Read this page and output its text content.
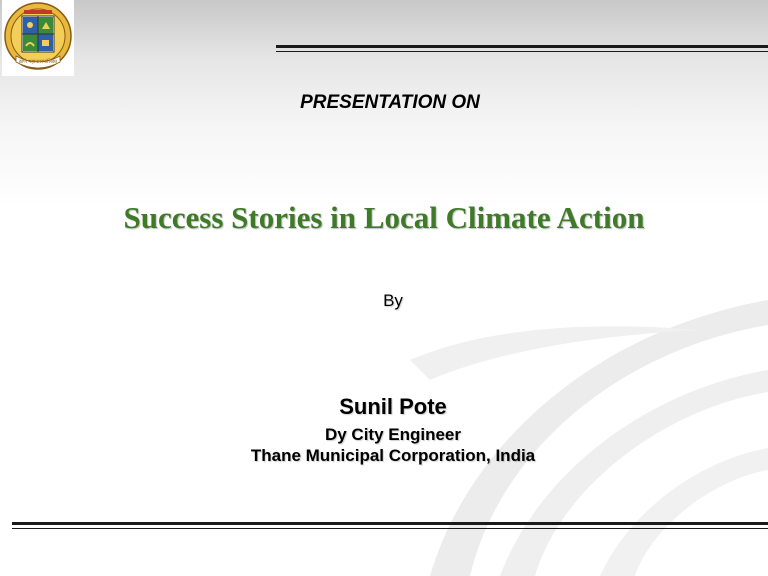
ठाणे महानगरपालिका
PRESENTATION ON
Success Stories in Local Climate Action
By
Sunil Pote
Dy City Engineer
Thane Municipal Corporation, India
